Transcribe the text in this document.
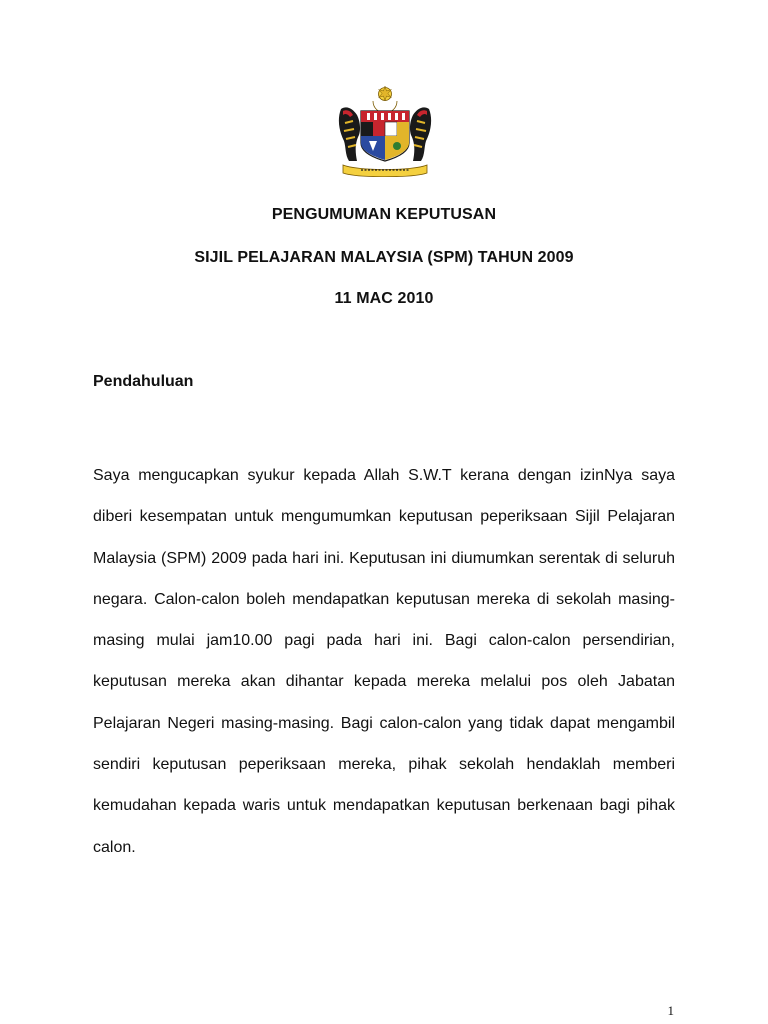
PENGUMUMAN KEPUTUSAN
SIJIL PELAJARAN MALAYSIA (SPM) TAHUN 2009
11 MAC 2010
Pendahuluan
Saya mengucapkan syukur kepada Allah S.W.T kerana dengan izinNya saya diberi kesempatan untuk mengumumkan keputusan peperiksaan Sijil Pelajaran Malaysia (SPM) 2009 pada hari ini. Keputusan ini diumumkan serentak di seluruh negara. Calon-calon boleh mendapatkan keputusan mereka di sekolah masing-masing mulai jam10.00 pagi pada hari ini. Bagi calon-calon persendirian, keputusan mereka akan dihantar kepada mereka melalui pos oleh Jabatan Pelajaran Negeri masing-masing. Bagi calon-calon yang tidak dapat mengambil sendiri keputusan peperiksaan mereka, pihak sekolah hendaklah memberi kemudahan kepada waris untuk mendapatkan keputusan berkenaan bagi pihak calon.
1
